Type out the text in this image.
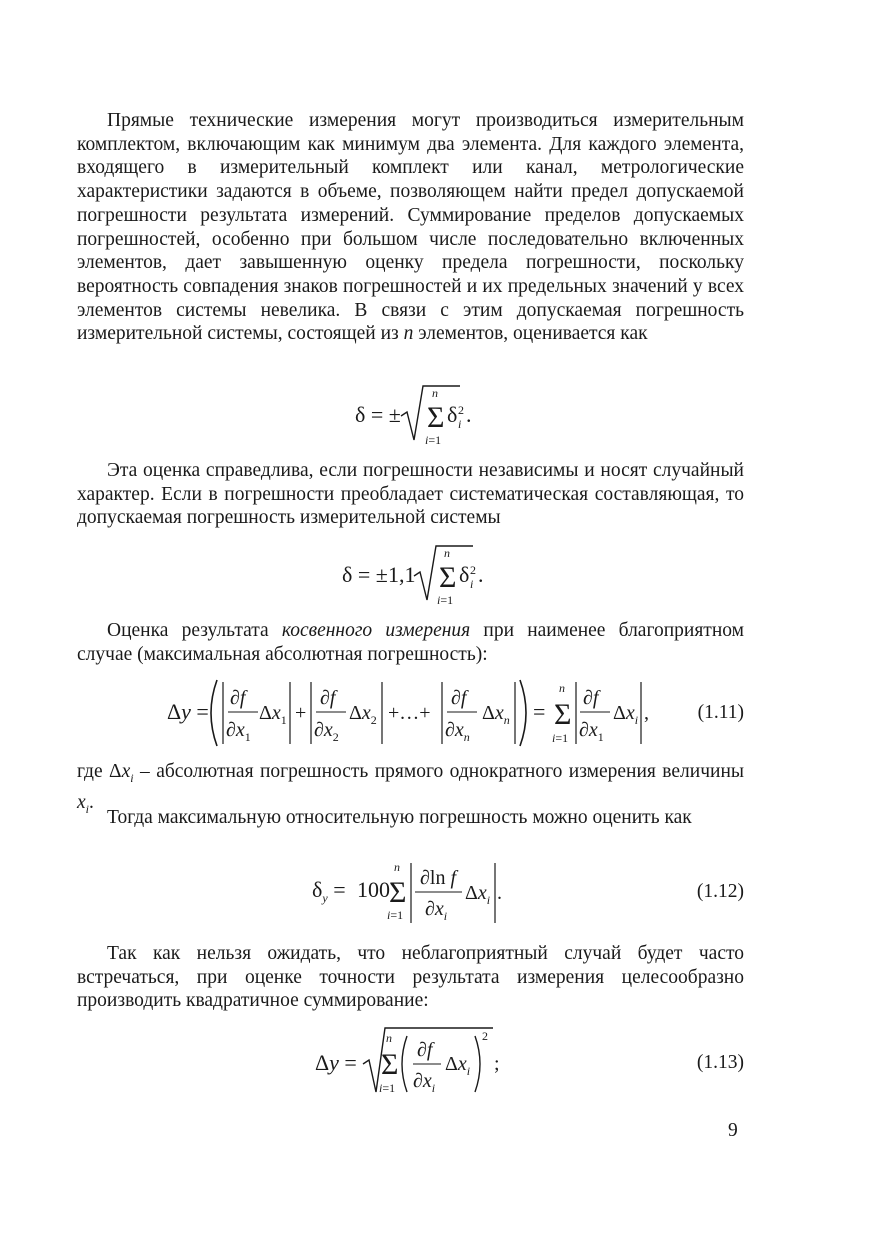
Прямые технические измерения могут производиться измерительным комплектом, включающим как минимум два элемента. Для каждого элемента, входящего в измерительный комплект или канал, метрологические характеристики задаются в объеме, позволяющем найти предел допускаемой погрешности результата измерений. Суммирование пределов допускаемых погрешностей, особенно при большом числе последовательно включенных элементов, дает завышенную оценку предела погрешности, поскольку вероятность совпадения знаков погрешностей и их предельных значений у всех элементов системы невелика. В связи с этим допускаемая погрешность измерительной системы, состоящей из n элементов, оценивается как

δ = ± Σ
n
i=1
δ 2
i .

Эта оценка справедлива, если погрешности независимы и носят случайный характер. Если в погрешности преобладает систематическая составляющая, то допускаемая погрешность измерительной системы

δ = ± 1,1 Σ
n
i=1
δ 2
i .

Оценка результата косвенного измерения при наименее благоприятном случае (максимальная абсолютная погрешность):

Δy =
∂f
$\partial x_1$
$\Delta x_1$ +
∂f
$\partial x_2$
$\Delta x_2$ +…+
∂f
$\partial x_n$
$\Delta x_n = \Sigma$
n
i=1
∂f
$\partial x_1$
$\Delta x_i$ , (1.11)

где $\Delta x_i$ – абсолютная погрешность прямого однократного измерения величины $x_i$.

Тогда максимальную относительную погрешность можно оценить как

$\delta_y = 100$ Σ
n
i=1
∂ln f
$\partial x_i$
$\Delta x_i$ .	(1.12)

Так как нельзя ожидать, что неблагоприятный случай будет часто встречаться, при оценке точности результата измерения целесообразно производить квадратичное суммирование:

Δy = Σ
n
i=1
∂f
$\partial x_i$
$\Delta x_i$
2
;	(1.13)
9
